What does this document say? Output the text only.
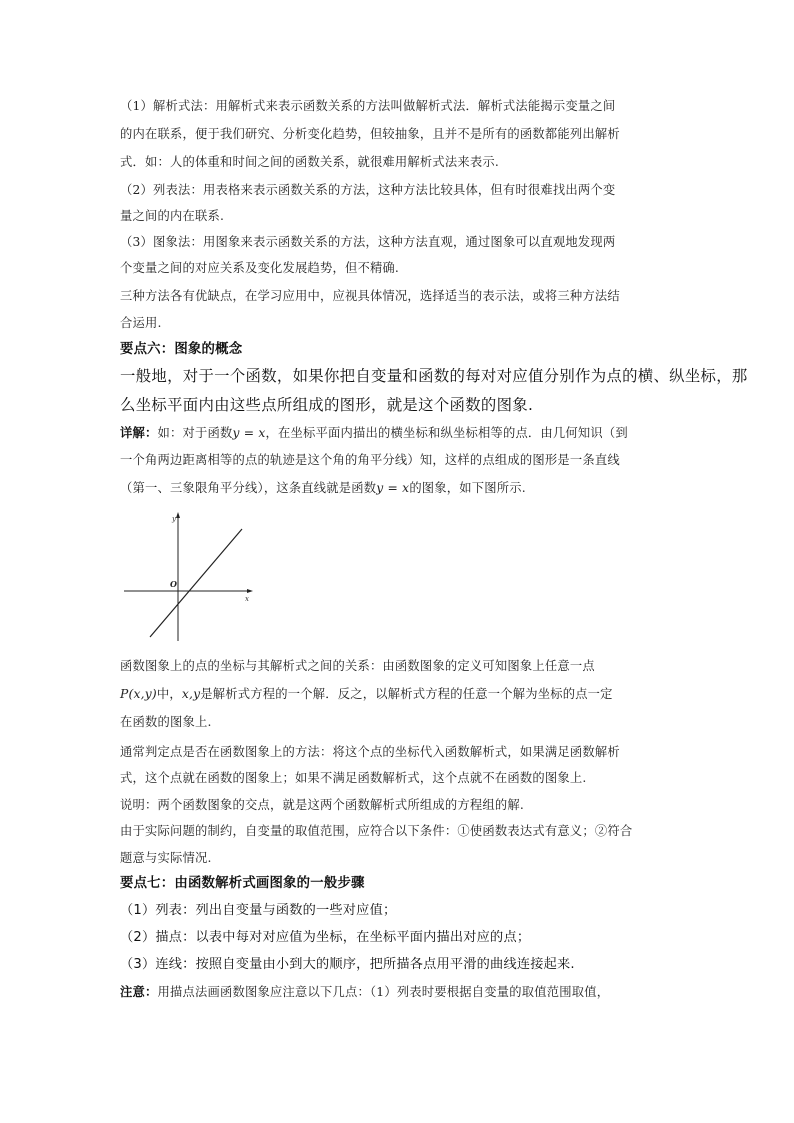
（1）解析式法：用解析式来表示函数关系的方法叫做解析式法．解析式法能揭示变量之间
的内在联系，便于我们研究、分析变化趋势，但较抽象，且并不是所有的函数都能列出解析
式．如：人的体重和时间之间的函数关系，就很难用解析式法来表示.
（2）列表法：用表格来表示函数关系的方法，这种方法比较具体，但有时很难找出两个变
量之间的内在联系.
（3）图象法：用图象来表示函数关系的方法，这种方法直观，通过图象可以直观地发现两
个变量之间的对应关系及变化发展趋势，但不精确.
三种方法各有优缺点，在学习应用中，应视具体情况，选择适当的表示法，或将三种方法结
合运用.
要点六：图象的概念
一般地，对于一个函数，如果你把自变量和函数的每对对应值分别作为点的横、纵坐标，那
么坐标平面内由这些点所组成的图形，就是这个函数的图象.
详解：如：对于函数y = x，在坐标平面内描出的横坐标和纵坐标相等的点．由几何知识（到
一个角两边距离相等的点的轨迹是这个角的角平分线）知，这样的点组成的图形是一条直线
（第一、三象限角平分线），这条直线就是函数y = x的图象，如下图所示.
y
x
O
函数图象上的点的坐标与其解析式之间的关系：由函数图象的定义可知图象上任意一点
P(x,y)中，x,y是解析式方程的一个解．反之，以解析式方程的任意一个解为坐标的点一定
在函数的图象上.
通常判定点是否在函数图象上的方法：将这个点的坐标代入函数解析式，如果满足函数解析
式，这个点就在函数的图象上；如果不满足函数解析式，这个点就不在函数的图象上.
说明：两个函数图象的交点，就是这两个函数解析式所组成的方程组的解.
由于实际问题的制约，自变量的取值范围，应符合以下条件：①使函数表达式有意义；②符合
题意与实际情况.
要点七：由函数解析式画图象的一般步骤
（1）列表：列出自变量与函数的一些对应值；
（2）描点：以表中每对对应值为坐标，在坐标平面内描出对应的点；
（3）连线：按照自变量由小到大的顺序，把所描各点用平滑的曲线连接起来.
注意：用描点法画函数图象应注意以下几点：（1）列表时要根据自变量的取值范围取值，
